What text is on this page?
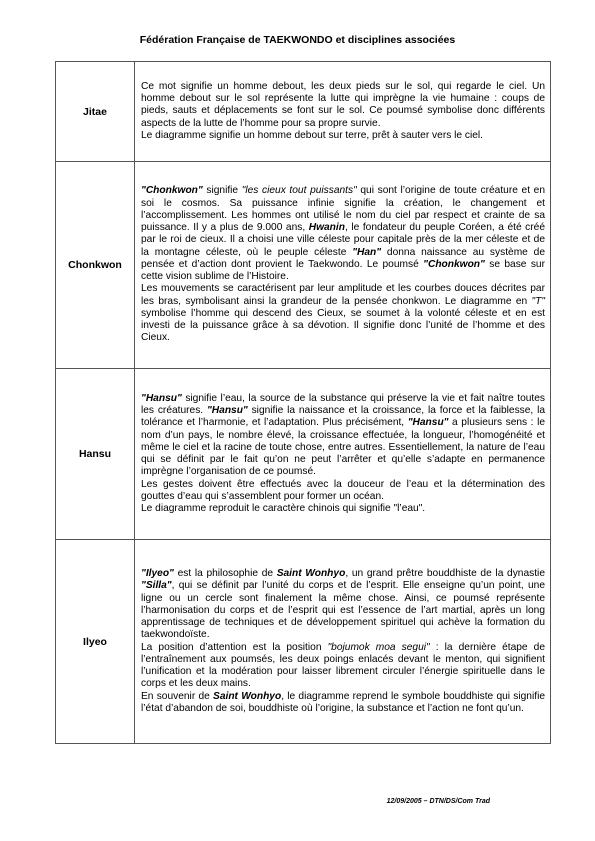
Fédération Française de TAEKWONDO et disciplines associées
Jitae	Ce mot signifie un homme debout, les deux pieds sur le sol, qui regarde le ciel. Un homme debout sur le sol représente la lutte qui imprègne la vie humaine : coups de pieds, sauts et déplacements se font sur le sol. Ce poumsé symbolise donc différents aspects de la lutte de l’homme pour sa propre survie.

Le diagramme signifie un homme debout sur terre, prêt à sauter vers le ciel.

Chonkwon	"Chonkwon" signifie "les cieux tout puissants" qui sont l’origine de toute créature et en soi le cosmos. Sa puissance infinie signifie la création, le changement et l’accomplissement. Les hommes ont utilisé le nom du ciel par respect et crainte de sa puissance. Il y a plus de 9.000 ans, Hwanin, le fondateur du peuple Coréen, a été créé par le roi de cieux. Il a choisi une ville céleste pour capitale près de la mer céleste et de la montagne céleste, où le peuple céleste "Han" donna naissance au système de pensée et d’action dont provient le Taekwondo. Le poumsé "Chonkwon" se base sur cette vision sublime de l’Histoire.

Les mouvements se caractérisent par leur amplitude et les courbes douces décrites par les bras, symbolisant ainsi la grandeur de la pensée chonkwon. Le diagramme en "T" symbolise l’homme qui descend des Cieux, se soumet à la volonté céleste et en est investi de la puissance grâce à sa dévotion. Il signifie donc l’unité de l’homme et des Cieux.

Hansu	"Hansu" signifie l’eau, la source de la substance qui préserve la vie et fait naître toutes les créatures. "Hansu" signifie la naissance et la croissance, la force et la faiblesse, la tolérance et l’harmonie, et l’adaptation. Plus précisément, "Hansu" a plusieurs sens : le nom d’un pays, le nombre élevé, la croissance effectuée, la longueur, l’homogénéité et même le ciel et la racine de toute chose, entre autres. Essentiellement, la nature de l’eau qui se définit par le fait qu’on ne peut l’arrêter et qu’elle s’adapte en permanence imprègne l’organisation de ce poumsé.

Les gestes doivent être effectués avec la douceur de l’eau et la détermination des gouttes d’eau qui s’assemblent pour former un océan.

Le diagramme reproduit le caractère chinois qui signifie "l’eau".

Ilyeo	"Ilyeo" est la philosophie de Saint Wonhyo, un grand prêtre bouddhiste de la dynastie "Silla", qui se définit par l’unité du corps et de l’esprit. Elle enseigne qu’un point, une ligne ou un cercle sont finalement la même chose. Ainsi, ce poumsé représente l’harmonisation du corps et de l’esprit qui est l’essence de l’art martial, après un long apprentissage de techniques et de développement spirituel qui achève la formation du taekwondoïste.

La position d’attention est la position "bojumok moa segui" : la dernière étape de l’entraînement aux poumsés, les deux poings enlacés devant le menton, qui signifient l’unification et la modération pour laisser librement circuler l’énergie spirituelle dans le corps et les deux mains.

En souvenir de Saint Wonhyo, le diagramme reprend le symbole bouddhiste qui signifie l’état d’abandon de soi, bouddhiste où l’origine, la substance et l’action ne font qu’un.

12/09/2005 – DTN/DS/Com Trad
